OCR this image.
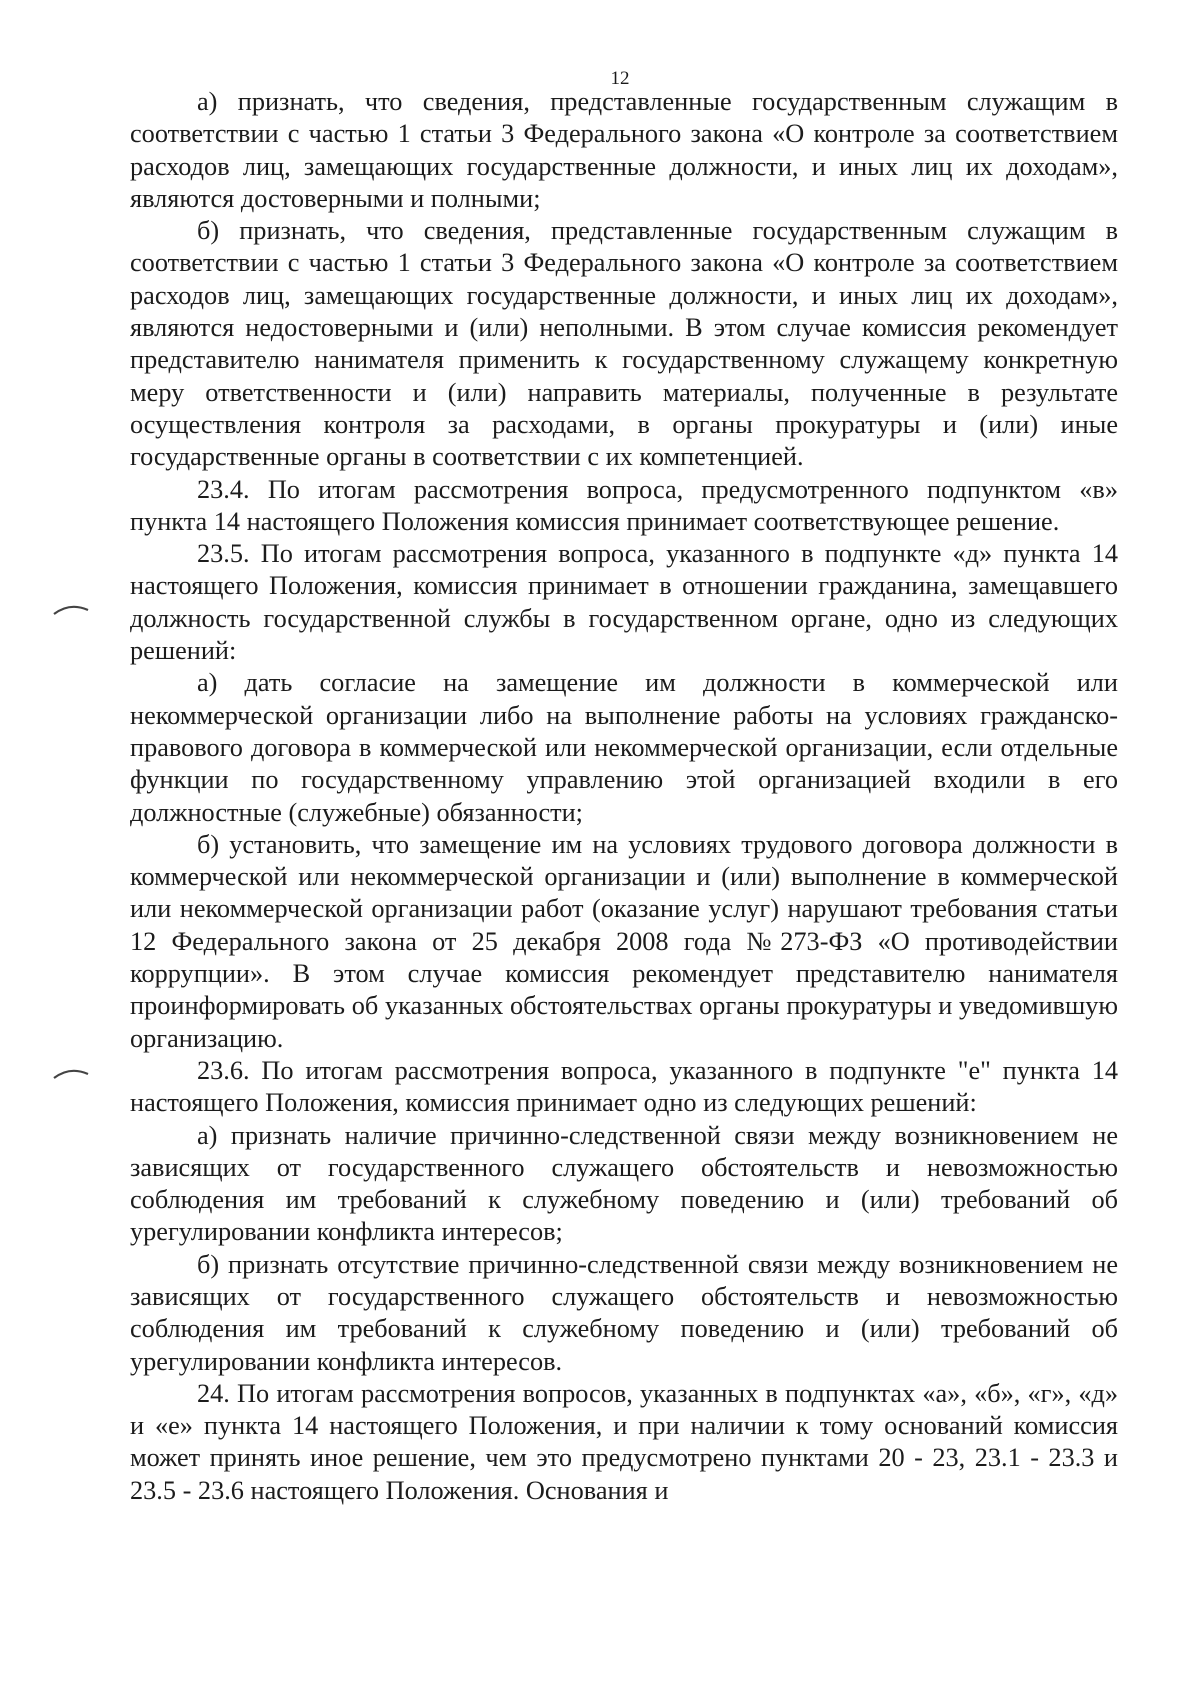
12

а) признать, что сведения, представленные государственным служащим в соответствии с частью 1 статьи 3 Федерального закона «О контроле за соответствием расходов лиц, замещающих государственные должности, и иных лиц их доходам», являются достоверными и полными;

б) признать, что сведения, представленные государственным служащим в соответствии с частью 1 статьи 3 Федерального закона «О контроле за соответствием расходов лиц, замещающих государственные должности, и иных лиц их доходам», являются недостоверными и (или) неполными. В этом случае комиссия рекомендует представителю нанимателя применить к государственному служащему конкретную меру ответственности и (или) направить материалы, полученные в результате осуществления контроля за расходами, в органы прокуратуры и (или) иные государственные органы в соответствии с их компетенцией.

23.4. По итогам рассмотрения вопроса, предусмотренного подпунктом «в» пункта 14 настоящего Положения комиссия принимает соответствующее решение.

23.5. По итогам рассмотрения вопроса, указанного в подпункте «д» пункта 14 настоящего Положения, комиссия принимает в отношении гражданина, замещавшего должность государственной службы в государственном органе, одно из следующих решений:

а) дать согласие на замещение им должности в коммерческой или некоммерческой организации либо на выполнение работы на условиях гражданско-правового договора в коммерческой или некоммерческой организации, если отдельные функции по государственному управлению этой организацией входили в его должностные (служебные) обязанности;

б) установить, что замещение им на условиях трудового договора должности в коммерческой или некоммерческой организации и (или) выполнение в коммерческой или некоммерческой организации работ (оказание услуг) нарушают требования статьи 12 Федерального закона от 25 декабря 2008 года №273-ФЗ «О противодействии коррупции». В этом случае комиссия рекомендует представителю нанимателя проинформировать об указанных обстоятельствах органы прокуратуры и уведомившую организацию.

23.6. По итогам рассмотрения вопроса, указанного в подпункте "е" пункта 14 настоящего Положения, комиссия принимает одно из следующих решений:

а) признать наличие причинно-следственной связи между возникновением не зависящих от государственного служащего обстоятельств и невозможностью соблюдения им требований к служебному поведению и (или) требований об урегулировании конфликта интересов;

б) признать отсутствие причинно-следственной связи между возникновением не зависящих от государственного служащего обстоятельств и невозможностью соблюдения им требований к служебному поведению и (или) требований об урегулировании конфликта интересов.

24. По итогам рассмотрения вопросов, указанных в подпунктах «а», «б», «г», «д» и «е» пункта 14 настоящего Положения, и при наличии к тому оснований комиссия может принять иное решение, чем это предусмотрено пунктами 20 - 23, 23.1 - 23.3 и 23.5 - 23.6 настоящего Положения. Основания и
